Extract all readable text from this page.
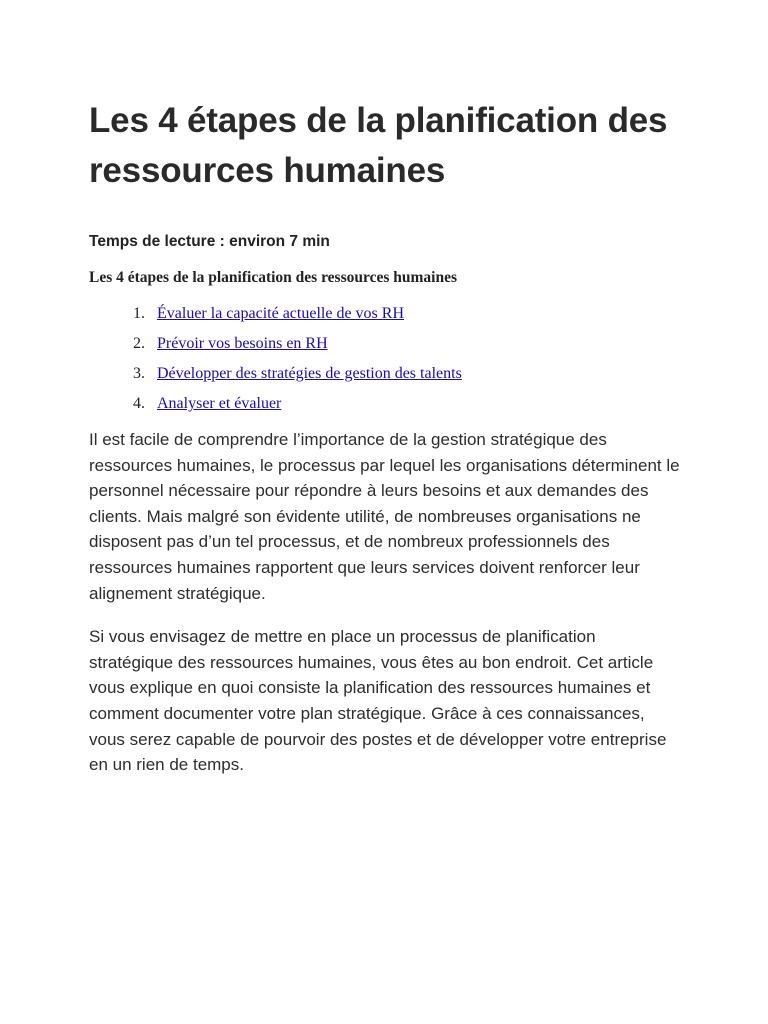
Les 4 étapes de la planification des ressources humaines

Temps de lecture : environ 7 min

Les 4 étapes de la planification des ressources humaines

1. Évaluer la capacité actuelle de vos RH
2. Prévoir vos besoins en RH
3. Développer des stratégies de gestion des talents
4. Analyser et évaluer

Il est facile de comprendre l’importance de la gestion stratégique des ressources humaines, le processus par lequel les organisations déterminent le personnel nécessaire pour répondre à leurs besoins et aux demandes des clients. Mais malgré son évidente utilité, de nombreuses organisations ne disposent pas d’un tel processus, et de nombreux professionnels des ressources humaines rapportent que leurs services doivent renforcer leur alignement stratégique.

Si vous envisagez de mettre en place un processus de planification stratégique des ressources humaines, vous êtes au bon endroit. Cet article vous explique en quoi consiste la planification des ressources humaines et comment documenter votre plan stratégique. Grâce à ces connaissances, vous serez capable de pourvoir des postes et de développer votre entreprise en un rien de temps.
